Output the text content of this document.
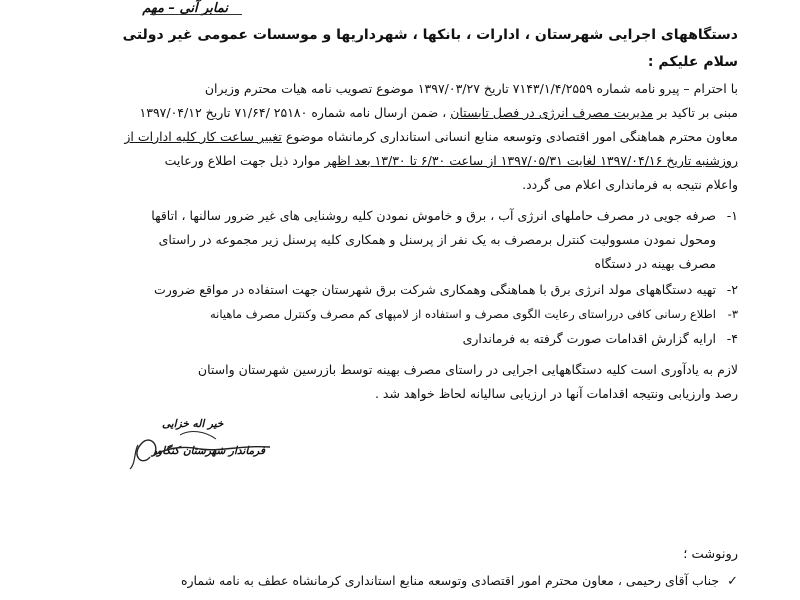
نمابر آنی – مهم
دستگاههای اجرایی شهرستان ، ادارات ، بانکها ، شهرداریها و موسسات عمومی غیر دولتی
سلام علیکم :
با احترام – پیرو نامه شماره ۷۱۴۳/۱/۴/۲۵۵۹ تاریخ ۱۳۹۷/۰۳/۲۷ موضوع تصویب نامه هیات محترم وزیران
مبنی بر تاکید بر مدیریت مصرف انرژی در فصل تابستان ، ضمن ارسال نامه شماره ۲۵۱۸۰ /۷۱/۶۴ تاریخ ۱۳۹۷/۰۴/۱۲
معاون محترم هماهنگی امور اقتصادی وتوسعه منابع انسانی استانداری کرمانشاه موضوع تغییر ساعت کار کلیه ادارات از
روزشنبه تاریخ ۱۳۹۷/۰۴/۱۶ لغایت ۱۳۹۷/۰۵/۳۱ از ساعت ۶/۳۰ تا ۱۳/۳۰ بعد اظهر موارد ذیل جهت اطلاع ورعایت
واعلام نتیجه به فرمانداری اعلام می گردد.
۱-صرفه جویی در مصرف حاملهای انرژی آب ، برق و خاموش نمودن کلیه روشنایی های غیر ضرور سالنها ، اتاقها
ومحول نمودن مسوولیت کنترل برمصرف به یک نفر از پرسنل و همکاری کلیه پرسنل زیر مجموعه در راستای
مصرف بهینه در دستگاه
۲-تهیه دستگاههای مولد انرژی برق با هماهنگی وهمکاری شرکت برق شهرستان جهت استفاده در مواقع ضرورت
۳-اطلاع رسانی کافی درراستای رعایت الگوی مصرف و استفاده از لامپهای کم مصرف وکنترل مصرف ماهیانه
۴-ارایه گزارش اقدامات صورت گرفته به فرمانداری
لازم به یادآوری است کلیه دستگاههایی اجرایی در راستای مصرف بهینه توسط بازرسین شهرستان واستان
رصد وارزیابی ونتیجه اقدامات آنها در ارزیابی سالیانه لحاظ خواهد شد .
خیر اله خزایی
فرماندار شهرستان کنگاور
رونوشت ؛
✓جناب آقای رحیمی ، معاون محترم امور اقتصادی وتوسعه منابع استانداری کرمانشاه عطف به نامه شماره
